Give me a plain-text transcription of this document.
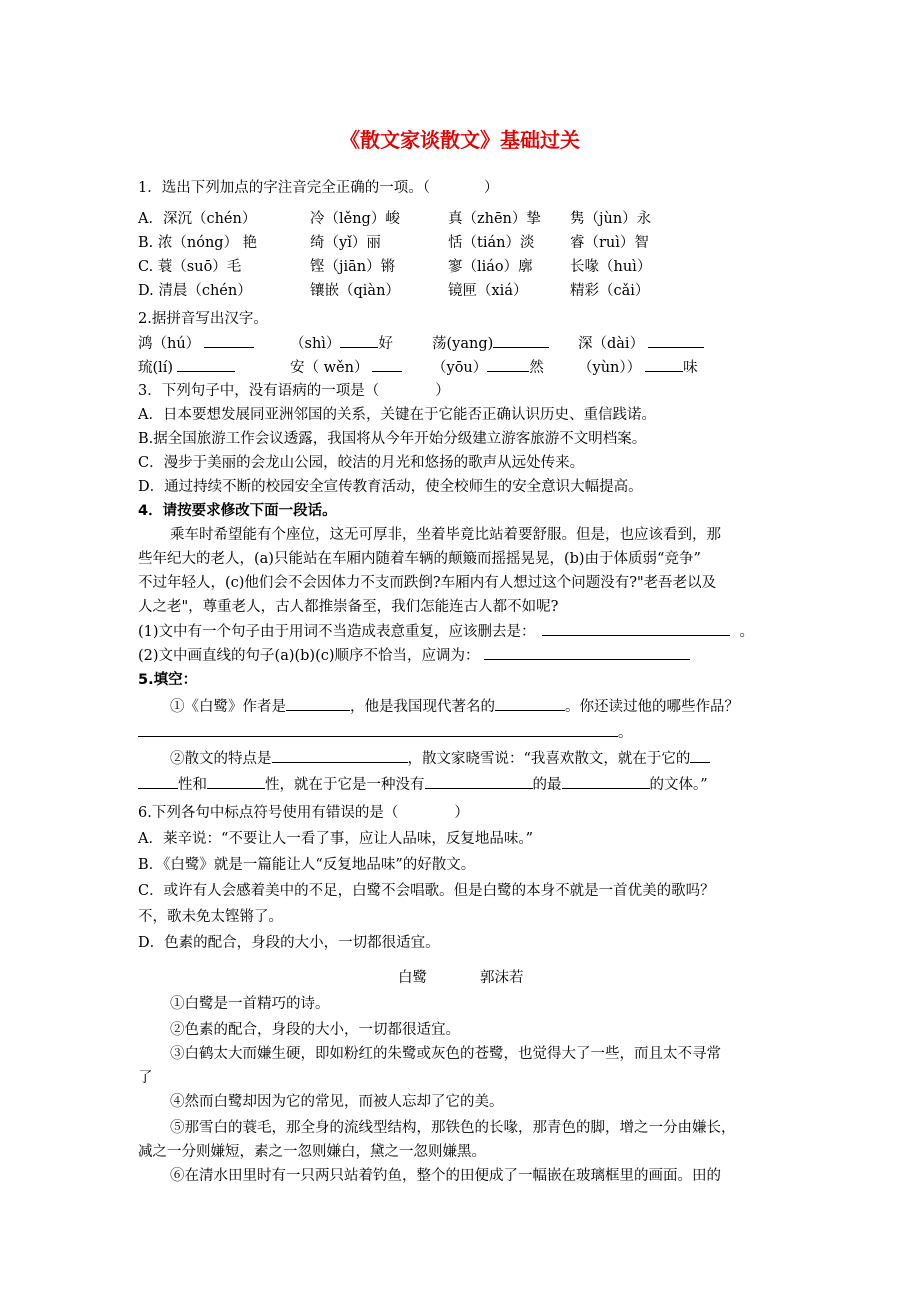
《散文家谈散文》基础过关
1．选出下列加点的字注音完全正确的一项。（	）
A．深沉（chén）	冷（lěng）峻	真（zhēn）挚 隽（jùn）永
B. 浓（nóng） 艳	绮（yǐ）丽	恬（tián）淡 睿（ruì）智
C. 蓑（suō）毛	铿（jiān）锵	寥（liáo）廓	长喙（huì）
D. 清晨（chén）	镶嵌（qiàn）	镜匣（xiá）	精彩（cǎi）
2.据拼音写出汉字。
鸿（hú）	（shì）	好	荡(yang)	深（dài）
琉(lí)	安（ wěn）	（yōu）	然 （yùn））	味
3．下列句子中，没有语病的一项是（	）
A．日本要想发展同亚洲邻国的关系，关键在于它能否正确认识历史、重信践诺。
B.据全国旅游工作会议透露，我国将从今年开始分级建立游客旅游不文明档案。
C．漫步于美丽的会龙山公园，皎洁的月光和悠扬的歌声从远处传来。
D．通过持续不断的校园安全宣传教育活动，使全校师生的安全意识大幅提高。
4．请按要求修改下面一段话。
乘车时希望能有个座位，这无可厚非，坐着毕竟比站着要舒服。但是，也应该看到，那
些年纪大的老人，(a)只能站在车厢内随着车辆的颠簸而摇摇晃晃，(b)由于体质弱“竞争”
不过年轻人，(c)他们会不会因体力不支而跌倒?车厢内有人想过这个问题没有?"老吾老以及
人之老"，尊重老人，古人都推崇备至，我们怎能连古人都不如呢?
(1)文中有一个句子由于用词不当造成表意重复，应该删去是：	。
(2)文中画直线的句子(a)(b)(c)顺序不恰当，应调为：
5.填空：
①《白鹭》作者是	，他是我国现代著名的	。你还读过他的哪些作品？
。
②散文的特点是	，散文家晓雪说：“我喜欢散文，就在于它的
性和	性，就在于它是一种没有	的最	的文体。”
6.下列各句中标点符号使用有错误的是（	）
A．莱辛说：“不要让人一看了事，应让人品味，反复地品味。”
B．《白鹭》就是一篇能让人“反复地品味”的好散文。
C．或许有人会感着美中的不足，白鹭不会唱歌。但是白鹭的本身不就是一首优美的歌吗？
不，歌未免太铿锵了。
D．色素的配合，身段的大小，一切都很适宜。
白鹭	郭沫若
①白鹭是一首精巧的诗。
②色素的配合，身段的大小，一切都很适宜。
③白鹤太大而嫌生硬，即如粉红的朱鹭或灰色的苍鹭，也觉得大了一些，而且太不寻常
了
④然而白鹭却因为它的常见，而被人忘却了它的美。
⑤那雪白的蓑毛，那全身的流线型结构，那铁色的长喙，那青色的脚，增之一分由嫌长，
减之一分则嫌短，素之一忽则嫌白，黛之一忽则嫌黑。
⑥在清水田里时有一只两只站着钓鱼，整个的田便成了一幅嵌在玻璃框里的画面。田的
